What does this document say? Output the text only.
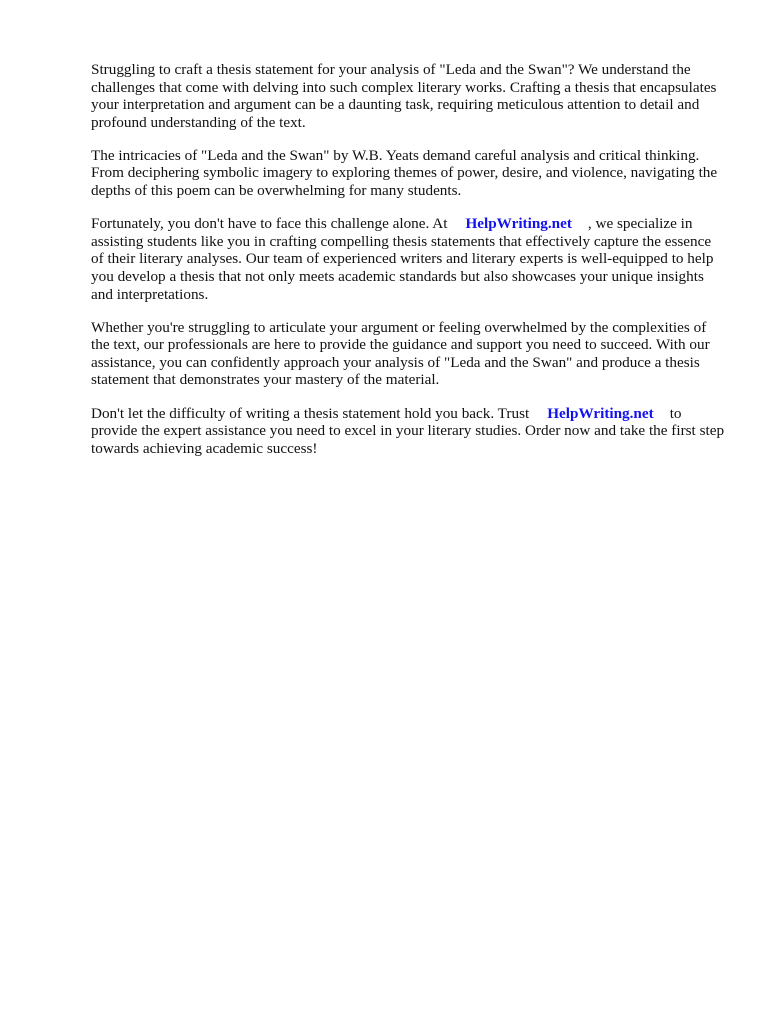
Struggling to craft a thesis statement for your analysis of "Leda and the Swan"? We understand the challenges that come with delving into such complex literary works. Crafting a thesis that encapsulates your interpretation and argument can be a daunting task, requiring meticulous attention to detail and profound understanding of the text.

The intricacies of "Leda and the Swan" by W.B. Yeats demand careful analysis and critical thinking. From deciphering symbolic imagery to exploring themes of power, desire, and violence, navigating the depths of this poem can be overwhelming for many students.

Fortunately, you don't have to face this challenge alone. At HelpWriting.net , we specialize in assisting students like you in crafting compelling thesis statements that effectively capture the essence of their literary analyses. Our team of experienced writers and literary experts is well-equipped to help you develop a thesis that not only meets academic standards but also showcases your unique insights and interpretations.

Whether you're struggling to articulate your argument or feeling overwhelmed by the complexities of the text, our professionals are here to provide the guidance and support you need to succeed. With our assistance, you can confidently approach your analysis of "Leda and the Swan" and produce a thesis statement that demonstrates your mastery of the material.

Don't let the difficulty of writing a thesis statement hold you back. Trust HelpWriting.net to provide the expert assistance you need to excel in your literary studies. Order now and take the first step towards achieving academic success!
